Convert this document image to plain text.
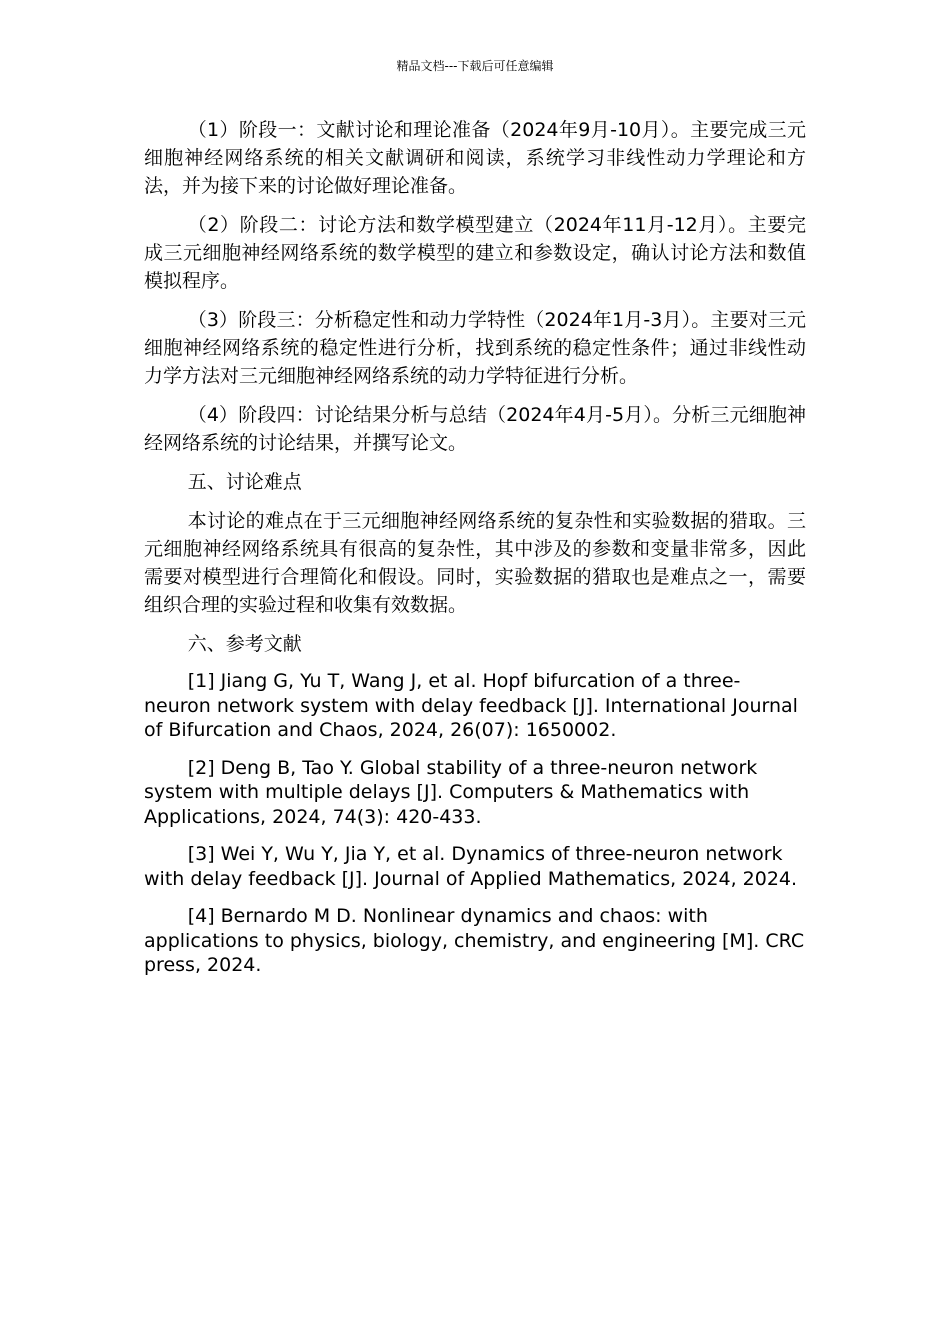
精品文档---下载后可任意编辑

（1）阶段一：文献讨论和理论准备（2024年9月-10月）。主要完成三元细胞神经网络系统的相关文献调研和阅读，系统学习非线性动力学理论和方法，并为接下来的讨论做好理论准备。

（2）阶段二：讨论方法和数学模型建立（2024年11月-12月）。主要完成三元细胞神经网络系统的数学模型的建立和参数设定，确认讨论方法和数值模拟程序。

（3）阶段三：分析稳定性和动力学特性（2024年1月-3月）。主要对三元细胞神经网络系统的稳定性进行分析，找到系统的稳定性条件；通过非线性动力学方法对三元细胞神经网络系统的动力学特征进行分析。

（4）阶段四：讨论结果分析与总结（2024年4月-5月）。分析三元细胞神经网络系统的讨论结果，并撰写论文。

五、讨论难点

本讨论的难点在于三元细胞神经网络系统的复杂性和实验数据的猎取。三元细胞神经网络系统具有很高的复杂性，其中涉及的参数和变量非常多，因此需要对模型进行合理简化和假设。同时，实验数据的猎取也是难点之一，需要组织合理的实验过程和收集有效数据。

六、参考文献

[1] Jiang G, Yu T, Wang J, et al. Hopf bifurcation of a three-neuron network system with delay feedback [J]. International Journal of Bifurcation and Chaos, 2024, 26(07): 1650002.

[2] Deng B, Tao Y. Global stability of a three-neuron network system with multiple delays [J]. Computers & Mathematics with Applications, 2024, 74(3): 420-433.

[3] Wei Y, Wu Y, Jia Y, et al. Dynamics of three-neuron network with delay feedback [J]. Journal of Applied Mathematics, 2024, 2024.

[4] Bernardo M D. Nonlinear dynamics and chaos: with applications to physics, biology, chemistry, and engineering [M]. CRC press, 2024.
